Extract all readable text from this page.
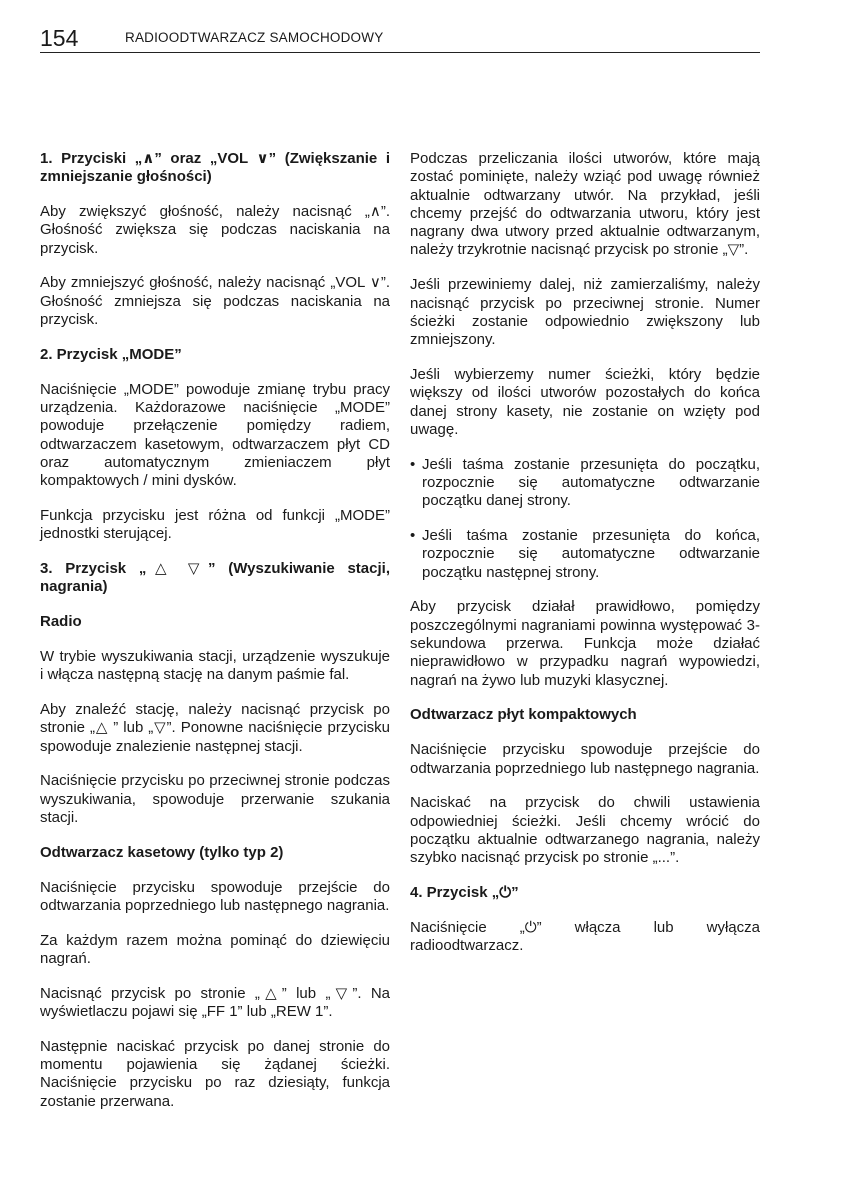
154	RADIOODTWARZACZ SAMOCHODOWY

1. Przyciski „∧” oraz „VOL ∨” (Zwiększanie i zmniejszanie głośności)

Aby zwiększyć głośność, należy nacisnąć „∧”. Głośność zwiększa się podczas naciskania na przycisk.

Aby zmniejszyć głośność, należy nacisnąć „VOL ∨”. Głośność zmniejsza się podczas naciskania na przycisk.

2. Przycisk „MODE”

Naciśnięcie „MODE” powoduje zmianę trybu pracy urządzenia. Każdorazowe naciśnięcie „MODE” powoduje przełączenie pomiędzy radiem, odtwarzaczem kasetowym, odtwarzaczem płyt CD oraz automatycznym zmieniaczem płyt kompaktowych / mini dysków.

Funkcja przycisku jest różna od funkcji „MODE” jednostki sterującej.

3. Przycisk „△ ▽” (Wyszukiwanie stacji, nagrania)

Radio

W trybie wyszukiwania stacji, urządzenie wyszukuje i włącza następną stację na danym paśmie fal.

Aby znaleźć stację, należy nacisnąć przycisk po stronie „△ ” lub „▽”. Ponowne naciśnięcie przycisku spowoduje znalezienie następnej stacji.

Naciśnięcie przycisku po przeciwnej stronie podczas wyszukiwania, spowoduje przerwanie szukania stacji.

Odtwarzacz kasetowy (tylko typ 2)

Naciśnięcie przycisku spowoduje przejście do odtwarzania poprzedniego lub następnego nagrania.

Za każdym razem można pominąć do dziewięciu nagrań.

Nacisnąć przycisk po stronie „△” lub „▽”. Na wyświetlaczu pojawi się „FF 1” lub „REW 1”.

Następnie naciskać przycisk po danej stronie do momentu pojawienia się żądanej ścieżki. Naciśnięcie przycisku po raz dziesiąty, funkcja zostanie przerwana.

Podczas przeliczania ilości utworów, które mają zostać pominięte, należy wziąć pod uwagę również aktualnie odtwarzany utwór. Na przykład, jeśli chcemy przejść do odtwarzania utworu, który jest nagrany dwa utwory przed aktualnie odtwarzanym, należy trzykrotnie nacisnąć przycisk po stronie „▽”.

Jeśli przewiniemy dalej, niż zamierzaliśmy, należy nacisnąć przycisk po przeciwnej stronie. Numer ścieżki zostanie odpowiednio zwiększony lub zmniejszony.

Jeśli wybierzemy numer ścieżki, który będzie większy od ilości utworów pozostałych do końca danej strony kasety, nie zostanie on wzięty pod uwagę.

• Jeśli taśma zostanie przesunięta do początku, rozpocznie się automatyczne odtwarzanie początku danej strony.
• Jeśli taśma zostanie przesunięta do końca, rozpocznie się automatyczne odtwarzanie początku następnej strony.

Aby przycisk działał prawidłowo, pomiędzy poszczególnymi nagraniami powinna występować 3-sekundowa przerwa. Funkcja może działać nieprawidłowo w przypadku nagrań wypowiedzi, nagrań na żywo lub muzyki klasycznej.

Odtwarzacz płyt kompaktowych

Naciśnięcie przycisku spowoduje przejście do odtwarzania poprzedniego lub następnego nagrania.

Naciskać na przycisk do chwili ustawienia odpowiedniej ścieżki. Jeśli chcemy wrócić do początku aktualnie odtwarzanego nagrania, należy szybko nacisnąć przycisk po stronie „...”.

4. Przycisk „⏻”

Naciśnięcie „⏻” włącza lub wyłącza radioodtwarzacz.
